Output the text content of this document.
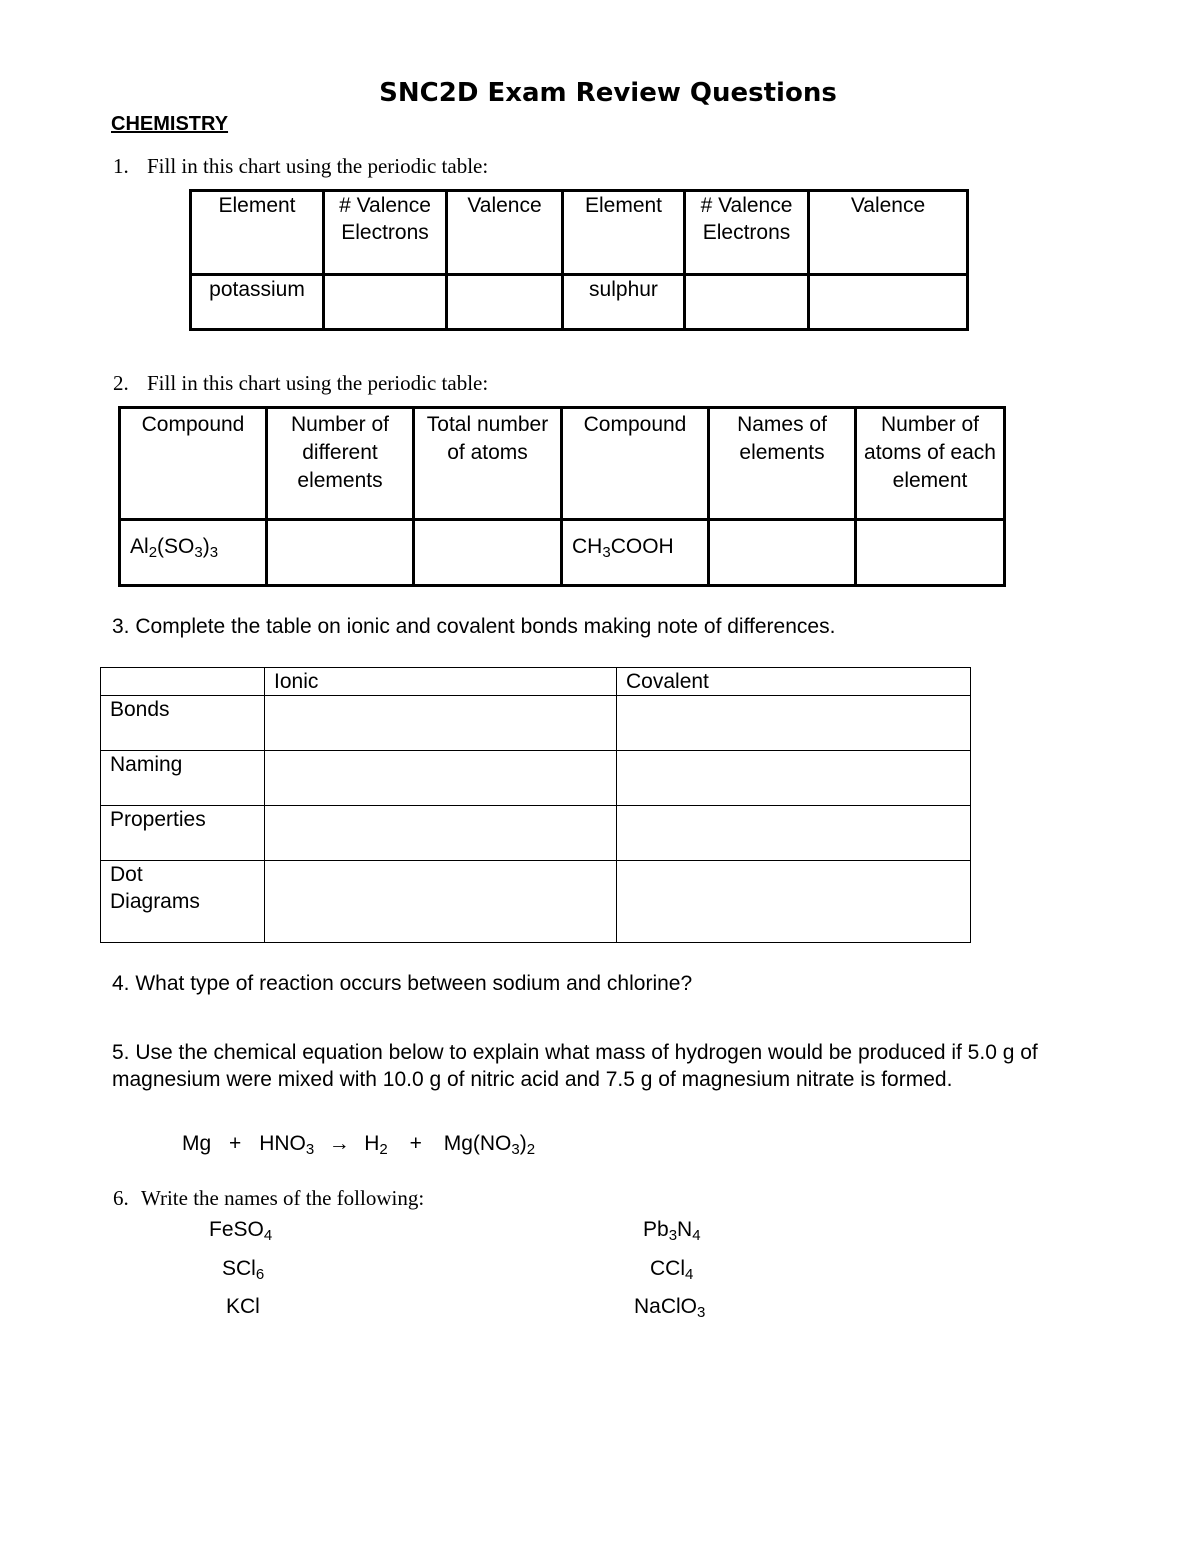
SNC2D Exam Review Questions
CHEMISTRY
1. Fill in this chart using the periodic table:
Element	# Valence Electrons	Valence	Element	# Valence Electrons	Valence
potassium			sulphur		
2. Fill in this chart using the periodic table:
Compound	Number of different elements	Total number of atoms	Compound	Names of elements	Number of atoms of each element
$Al_2(SO_3)_3$			$CH_3COOH$		
3. Complete the table on ionic and covalent bonds making note of differences.
	Ionic	Covalent
Bonds		
Naming		
Properties		

Dot Diagrams		

4. What type of reaction occurs between sodium and chlorine?
5. Use the chemical equation below to explain what mass of hydrogen would be produced if 5.0 g of magnesium were mixed with 10.0 g of nitric acid and 7.5 g of magnesium nitrate is formed.
$Mg + HNO_3 \to H_2 + Mg(NO_3)_2$
6. Write the names of the following:
FeSO$_4$	$Pb_3N_4$
SCl$_6$	CCl$_4$
KCl	NaClO$_3$
